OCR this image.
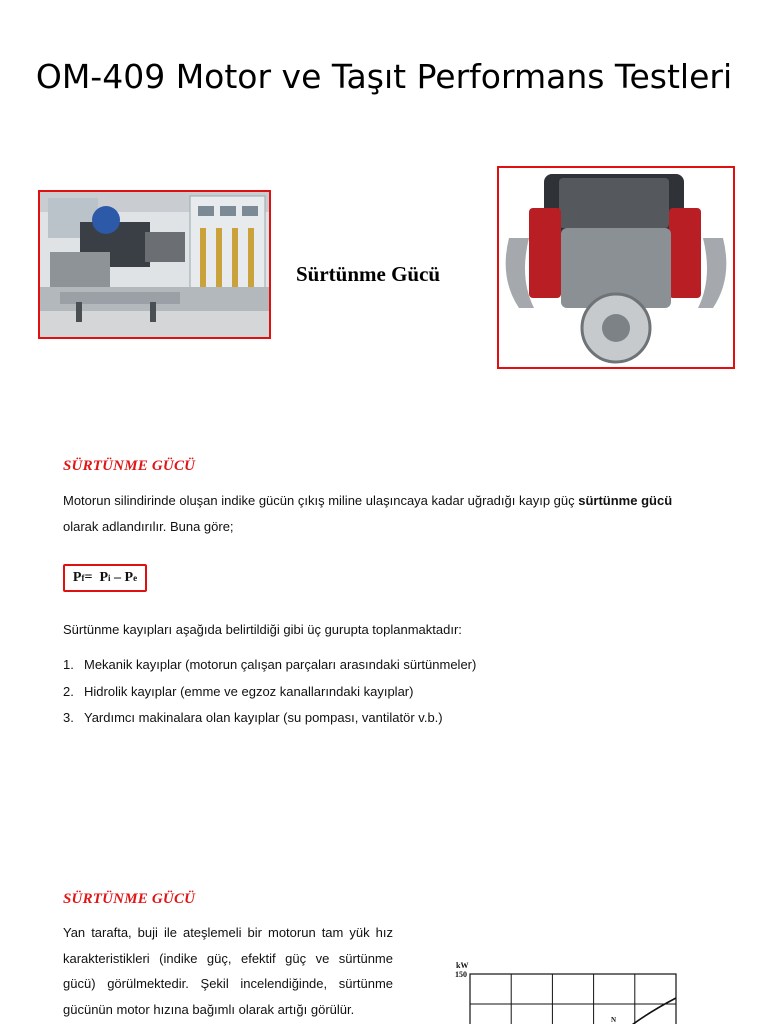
OM-409 Motor ve Taşıt Performans Testleri
Sürtünme Gücü
SÜRTÜNME GÜCÜ
Motorun silindirinde oluşan indike gücün çıkış miline ulaşıncaya kadar uğradığı kayıp güç sürtünme gücü
olarak adlandırılır. Buna göre;
P f =
P i – P e
Sürtünme kayıpları aşağıda belirtildiği gibi üç gurupta toplanmaktadır:
1. Mekanik kayıplar (motorun çalışan parçaları arasındaki sürtünmeler)
2. Hidrolik kayıplar (emme ve egzoz kanallarındaki kayıplar)
3. Yardımcı makinalara olan kayıplar (su pompası, vantilatör v.b.)
SÜRTÜNME GÜCÜ
Yan tarafta, buji ile ateşlemeli bir motorun tam yük hız karakteristikleri (indike güç, efektif güç ve sürtünme gücü) görülmektedir. Şekil incelendiğinde, sürtünme gücünün motor hızına bağımlı olarak artığı görülür.
kW
150
N
